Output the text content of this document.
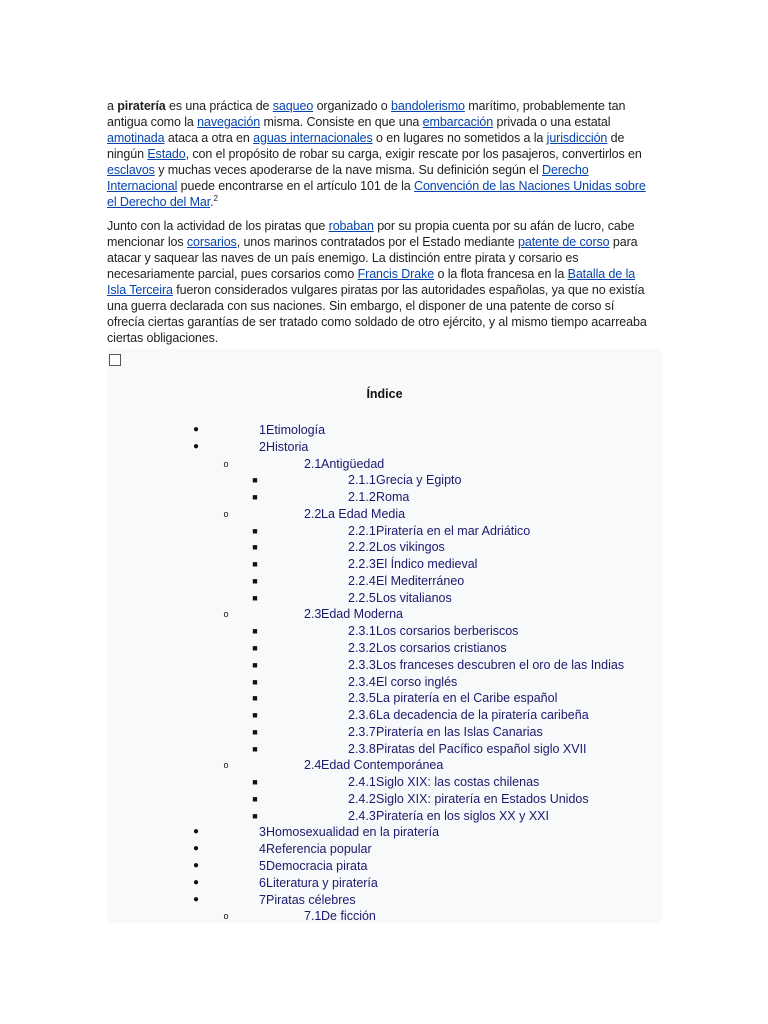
a piratería es una práctica de saqueo organizado o bandolerismo marítimo, probablemente tan antigua como la navegación misma. Consiste en que una embarcación privada o una estatal amotinada ataca a otra en aguas internacionales o en lugares no sometidos a la jurisdicción de ningún Estado, con el propósito de robar su carga, exigir rescate por los pasajeros, convertirlos en esclavos y muchas veces apoderarse de la nave misma. Su definición según el Derecho Internacional puede encontrarse en el artículo 101 de la Convención de las Naciones Unidas sobre el Derecho del Mar.$^2$

Junto con la actividad de los piratas que robaban por su propia cuenta por su afán de lucro, cabe mencionar los corsarios, unos marinos contratados por el Estado mediante patente de corso para atacar y saquear las naves de un país enemigo. La distinción entre pirata y corsario es necesariamente parcial, pues corsarios como Francis Drake o la flota francesa en la Batalla de la Isla Terceira fueron considerados vulgares piratas por las autoridades españolas, ya que no existía una guerra declarada con sus naciones. Sin embargo, el disponer de una patente de corso sí ofrecía ciertas garantías de ser tratado como soldado de otro ejército, y al mismo tiempo acarreaba ciertas obligaciones.

Índice
●	1 Etimología
●	2 Historia
o	2.1 Antigüedad
■	2.1.1 Grecia y Egipto
■	2.1.2 Roma
o	2.2 La Edad Media
■	2.2.1 Piratería en el mar Adriático
■	2.2.2 Los vikingos
■	2.2.3 El Índico medieval
■	2.2.4 El Mediterráneo
■	2.2.5 Los vitalianos
o	2.3 Edad Moderna
■	2.3.1 Los corsarios berberiscos
■	2.3.2 Los corsarios cristianos
■	2.3.3 Los franceses descubren el oro de las Indias
■	2.3.4 El corso inglés
■	2.3.5 La piratería en el Caribe español
■	2.3.6 La decadencia de la piratería caribeña
■	2.3.7 Piratería en las Islas Canarias
■	2.3.8 Piratas del Pacífico español siglo XVII
o	2.4 Edad Contemporánea
■	2.4.1 Siglo XIX: las costas chilenas
■	2.4.2 Siglo XIX: piratería en Estados Unidos
■	2.4.3 Piratería en los siglos XX y XXI
●	3 Homosexualidad en la piratería
●	4 Referencia popular
●	5 Democracia pirata
●	6 Literatura y piratería
●	7 Piratas célebres
o	7.1 De ficción
